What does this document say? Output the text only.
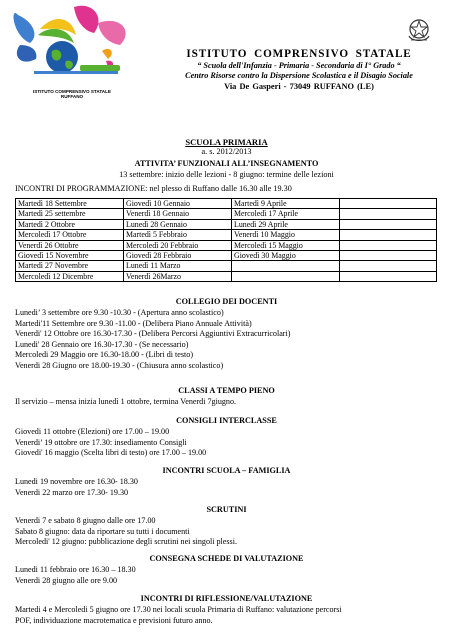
ISTITUTO COMPRENSIVO STATALE
RUFFANO
ISTITUTO COMPRENSIVO STATALE
“ Scuola dell'Infanzia - Primaria - Secondaria di I° Grado “
Centro Risorse contro la Dispersione Scolastica e il Disagio Sociale
Via De Gasperi - 73049 RUFFANO (LE)
SCUOLA PRIMARIA
a. s. 2012/2013
ATTIVITA’ FUNZIONALI ALL’INSEGNAMENTO
13 settembre: inizio delle lezioni - 8 giugno: termine delle lezioni
INCONTRI DI PROGRAMMAZIONE: nel plesso di Ruffano dalle 16.30 alle 19.30
Martedì 18 Settembre	Giovedì 10 Gennaio	Martedì 9 Aprile	
Martedì 25 settembre	Venerdì 18 Gennaio	Mercoledì 17 Aprile	
Martedì 2 Ottobre	Lunedì 28 Gennaio	Lunedì 29 Aprile	
Mercoledì 17 Ottobre	Martedì 5 Febbraio	Venerdì 10 Maggio	
Venerdì 26 Ottobre	Mercoledì 20 Febbraio	Mercoledì 15 Maggio	
Giovedì 15 Novembre	Giovedì 28 Febbraio	Giovedì 30 Maggio	
Martedì 27 Novembre	Lunedì 11 Marzo		
Mercoledì 12 Dicembre	Venerdì 26Marzo		
COLLEGIO DEI DOCENTI
Lunedi’ 3 settembre ore 9.30 -10.30 - (Apertura anno scolastico)
Martedi'11 Settembre ore 9.30 -11.00 - (Delibera Piano Annuale Attività)
Venerdi' 12 Ottobre ore 16.30-17.30 - (Delibera Percorsi Aggiuntivi Extracurricolari)
Lunedi' 28 Gennaio ore 16.30-17.30 - (Se necessario)
Mercoledi 29 Maggio ore 16.30-18.00 - (Libri di testo)
Venerdi 28 Giugno ore 18.00-19.30 - (Chiusura anno scolastico)
CLASSI A TEMPO PIENO
Il servizio – mensa inizia lunedì 1 ottobre, termina Venerdi 7giugno.
CONSIGLI INTERCLASSE
Giovedi 11 ottobre (Elezioni) ore 17.00 – 19.00
Venerdi’ 19 ottobre ore 17.30: insediamento Consigli
Giovedi' 16 maggio (Scelta libri di testo) ore 17.00 – 19.00
INCONTRI SCUOLA – FAMIGLIA
Lunedi 19 novembre ore 16.30- 18.30
Venerdi 22 marzo ore 17.30- 19.30
SCRUTINI
Venerdi 7 e sabato 8 giugno dalle ore 17.00
Sabato 8 giugno: data da riportare su tutti i documenti
Mercoledi' 12 giugno: pubblicazione degli scrutini nei singoli plessi.
CONSEGNA SCHEDE DI VALUTAZIONE
Lunedi 11 febbraio ore 16.30 – 18.30
Venerdi 28 giugno alle ore 9.00
INCONTRI DI RIFLESSIONE/VALUTAZIONE
Martedi 4 e Mercoledi 5 giugno ore 17.30 nei locali scuola Primaria di Ruffano: valutazione percorsi
POF, individuazione macrotematica e previsioni futuro anno.
